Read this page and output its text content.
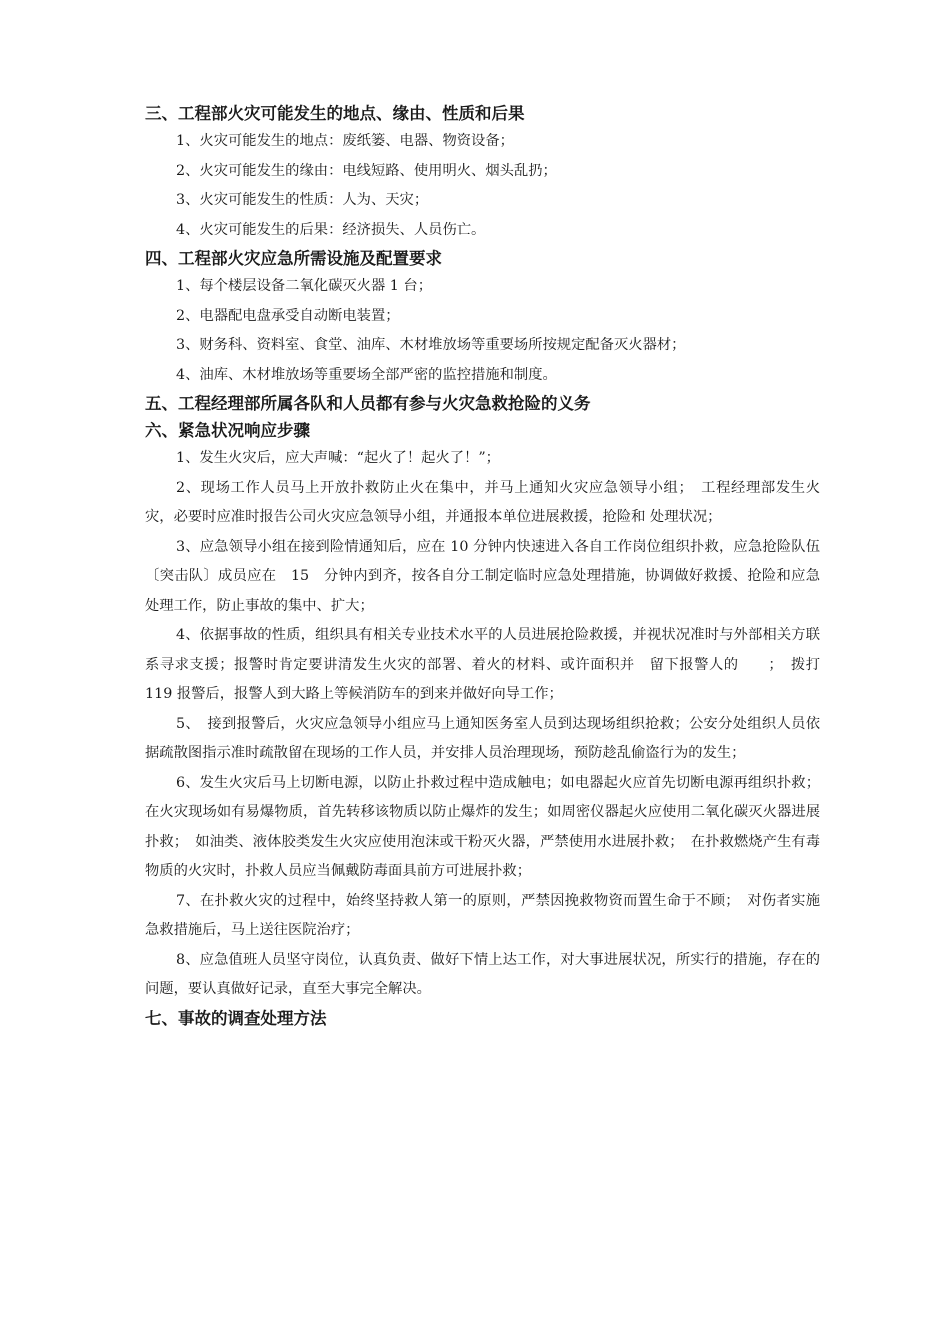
三、工程部火灾可能发生的地点、缘由、性质和后果

1、火灾可能发生的地点：废纸篓、电器、物资设备；

2、火灾可能发生的缘由：电线短路、使用明火、烟头乱扔；

3、火灾可能发生的性质：人为、天灾；

4、火灾可能发生的后果：经济损失、人员伤亡。

四、工程部火灾应急所需设施及配置要求

1、每个楼层设备二氧化碳灭火器 1 台；

2、电器配电盘承受自动断电装置；

3、财务科、资料室、食堂、油库、木材堆放场等重要场所按规定配备灭火器材；

4、油库、木材堆放场等重要场全部严密的监控措施和制度。

五、工程经理部所属各队和人员都有参与火灾急救抢险的义务
六、紧急状况响应步骤

1、发生火灾后，应大声喊：“起火了！起火了！”；

2、现场工作人员马上开放扑救防止火在集中，并马上通知火灾应急领导小组；　工程经理部发生火灾，必要时应准时报告公司火灾应急领导小组，并通报本单位进展救援，抢险和 处理状况；

3、应急领导小组在接到险情通知后，应在 10 分钟内快速进入各自工作岗位组织扑救，应急抢险队伍〔突击队〕成员应在　15　分钟内到齐，按各自分工制定临时应急处理措施，协调做好救援、抢险和应急处理工作，防止事故的集中、扩大；

4、依据事故的性质，组织具有相关专业技术水平的人员进展抢险救援，并视状况准时与外部相关方联系寻求支援；报警时肯定要讲清发生火灾的部署、着火的材料、或许面积并　留下报警人的　　；　拨打　119 报警后，报警人到大路上等候消防车的到来并做好向导工作；

5、　接到报警后，火灾应急领导小组应马上通知医务室人员到达现场组织抢救；公安分处组织人员依据疏散图指示准时疏散留在现场的工作人员，并安排人员治理现场，预防趁乱偷盗行为的发生；

6、发生火灾后马上切断电源，以防止扑救过程中造成触电；如电器起火应首先切断电源再组织扑救；在火灾现场如有易爆物质，首先转移该物质以防止爆炸的发生；如周密仪器起火应使用二氧化碳灭火器进展扑救；　如油类、液体胶类发生火灾应使用泡沫或干粉灭火器，严禁使用水进展扑救；　在扑救燃烧产生有毒物质的火灾时，扑救人员应当佩戴防毒面具前方可进展扑救；

7、在扑救火灾的过程中，始终坚持救人第一的原则，严禁因挽救物资而置生命于不顾；　对伤者实施急救措施后，马上送往医院治疗；

8、应急值班人员坚守岗位，认真负责、做好下情上达工作，对大事进展状况，所实行的措施，存在的问题，要认真做好记录，直至大事完全解决。

七、事故的调查处理方法
